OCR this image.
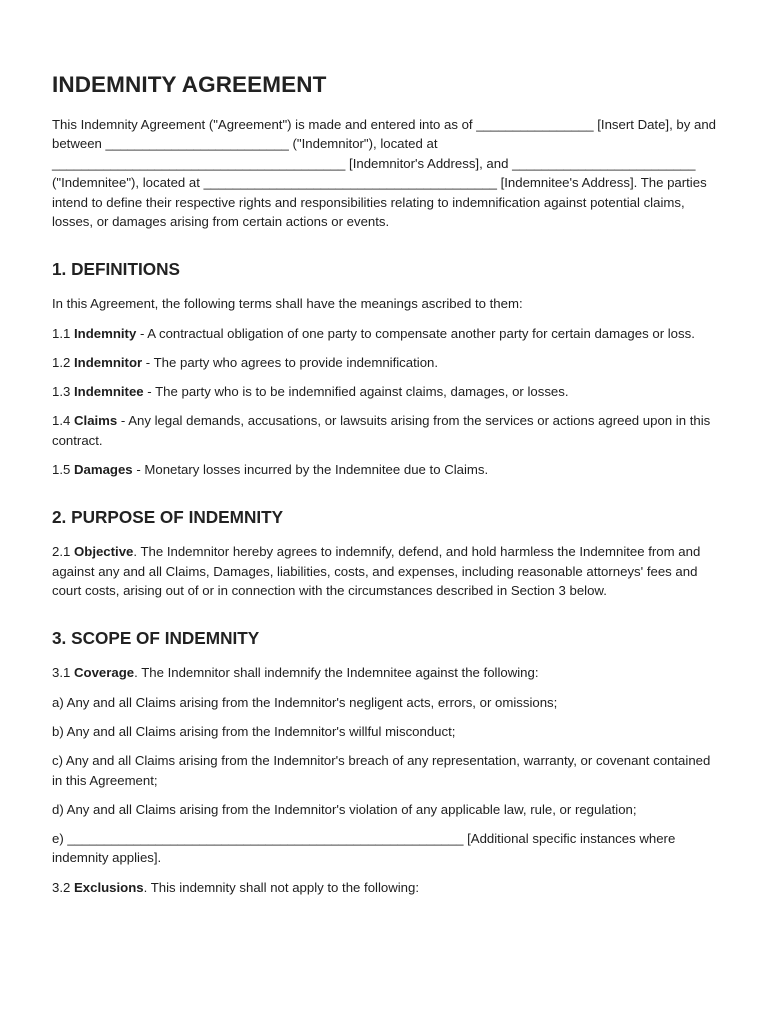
INDEMNITY AGREEMENT

This Indemnity Agreement ("Agreement") is made and entered into as of ________________ [Insert Date], by and between _________________________ ("Indemnitor"), located at ________________________________________ [Indemnitor's Address], and _________________________ ("Indemnitee"), located at ________________________________________ [Indemnitee's Address]. The parties intend to define their respective rights and responsibilities relating to indemnification against potential claims, losses, or damages arising from certain actions or events.

1. DEFINITIONS

In this Agreement, the following terms shall have the meanings ascribed to them:

1.1 Indemnity - A contractual obligation of one party to compensate another party for certain damages or loss.

1.2 Indemnitor - The party who agrees to provide indemnification.

1.3 Indemnitee - The party who is to be indemnified against claims, damages, or losses.

1.4 Claims - Any legal demands, accusations, or lawsuits arising from the services or actions agreed upon in this contract.

1.5 Damages - Monetary losses incurred by the Indemnitee due to Claims.

2. PURPOSE OF INDEMNITY

2.1 Objective. The Indemnitor hereby agrees to indemnify, defend, and hold harmless the Indemnitee from and against any and all Claims, Damages, liabilities, costs, and expenses, including reasonable attorneys' fees and court costs, arising out of or in connection with the circumstances described in Section 3 below.

3. SCOPE OF INDEMNITY

3.1 Coverage. The Indemnitor shall indemnify the Indemnitee against the following:

a) Any and all Claims arising from the Indemnitor's negligent acts, errors, or omissions;

b) Any and all Claims arising from the Indemnitor's willful misconduct;

c) Any and all Claims arising from the Indemnitor's breach of any representation, warranty, or covenant contained in this Agreement;

d) Any and all Claims arising from the Indemnitor's violation of any applicable law, rule, or regulation;

e) ______________________________________________________ [Additional specific instances where indemnity applies].

3.2 Exclusions. This indemnity shall not apply to the following:
